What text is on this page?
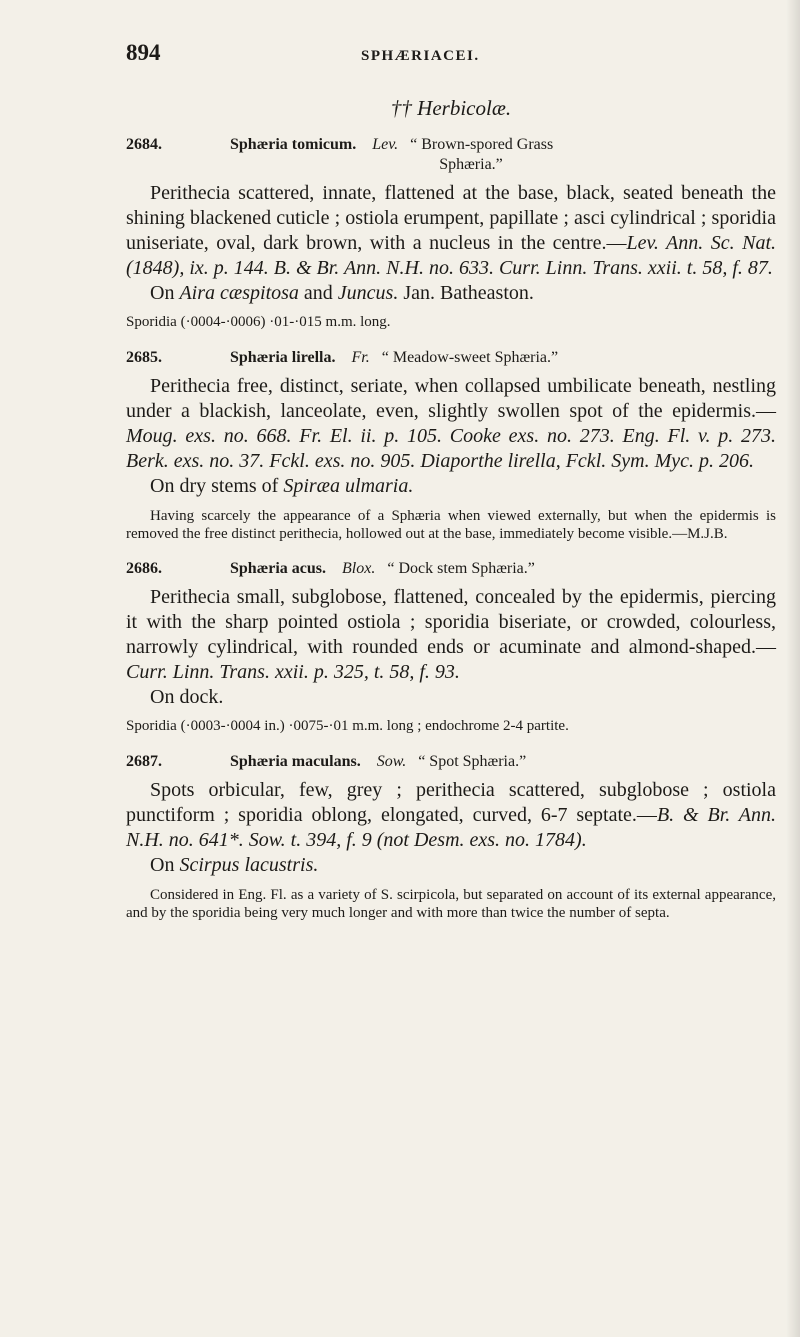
894	SPHÆRIACEI.
†† Herbicolæ.
2684.	Sphæria tomicum. Lev. “ Brown-spored Grass
Sphæria.”

Perithecia scattered, innate, flattened at the base, black, seated beneath the shining blackened cuticle ; ostiola erumpent, papillate ; asci cylindrical ; sporidia uniseriate, oval, dark brown, with a nucleus in the centre.—Lev. Ann. Sc. Nat. (1848), ix. p. 144. B. & Br. Ann. N.H. no. 633. Curr. Linn. Trans. xxii. t. 58, f. 87.

On Aira cæspitosa and Juncus. Jan. Batheaston.

Sporidia (·0004-·0006) ·01-·015 m.m. long.

2685.	Sphæria lirella. Fr. “ Meadow-sweet Sphæria.”

Perithecia free, distinct, seriate, when collapsed umbilicate beneath, nestling under a blackish, lanceolate, even, slightly swollen spot of the epidermis.—Moug. exs. no. 668. Fr. El. ii. p. 105. Cooke exs. no. 273. Eng. Fl. v. p. 273. Berk. exs. no. 37. Fckl. exs. no. 905. Diaporthe lirella, Fckl. Sym. Myc. p. 206.

On dry stems of Spiræa ulmaria.

Having scarcely the appearance of a Sphæria when viewed externally, but when the epidermis is removed the free distinct perithecia, hollowed out at the base, immediately become visible.—M.J.B.

2686.	Sphæria acus. Blox. “ Dock stem Sphæria.”

Perithecia small, subglobose, flattened, concealed by the epidermis, piercing it with the sharp pointed ostiola ; sporidia biseriate, or crowded, colourless, narrowly cylindrical, with rounded ends or acuminate and almond-shaped.—Curr. Linn. Trans. xxii. p. 325, t. 58, f. 93.

On dock.

Sporidia (·0003-·0004 in.) ·0075-·01 m.m. long ; endochrome 2-4 partite.

2687.	Sphæria maculans. Sow. “ Spot Sphæria.”

Spots orbicular, few, grey ; perithecia scattered, subglobose ; ostiola punctiform ; sporidia oblong, elongated, curved, 6-7 septate.—B. & Br. Ann. N.H. no. 641*. Sow. t. 394, f. 9 (not Desm. exs. no. 1784).

On Scirpus lacustris.

Considered in Eng. Fl. as a variety of S. scirpicola, but separated on account of its external appearance, and by the sporidia being very much longer and with more than twice the number of septa.
